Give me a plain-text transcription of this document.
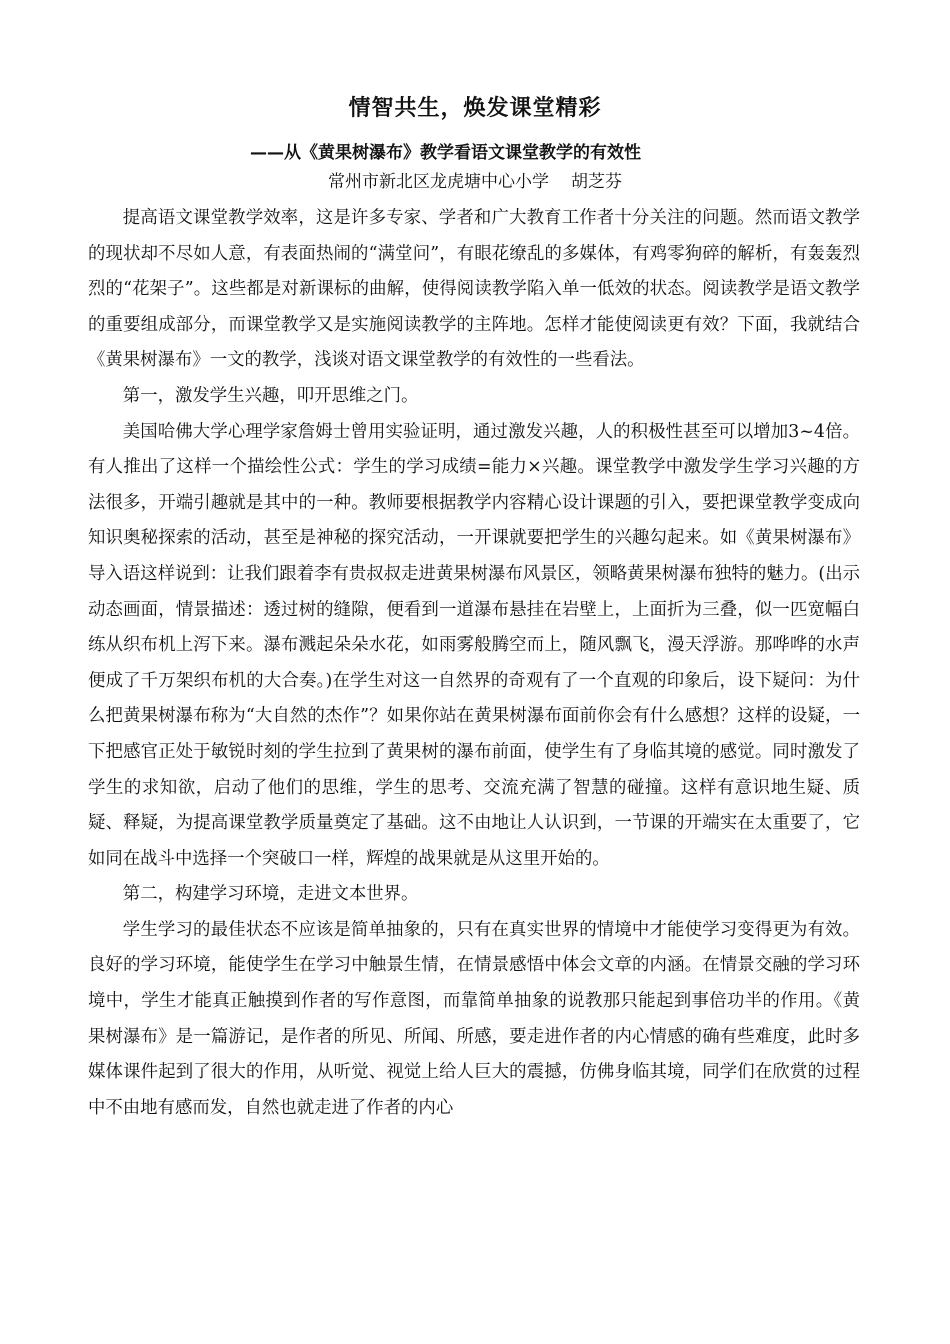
情智共生，焕发课堂精彩
——从《黄果树瀑布》教学看语文课堂教学的有效性
常州市新北区龙虎塘中心小学 胡芝芬

提高语文课堂教学效率，这是许多专家、学者和广大教育工作者十分关注的问题。然而语文教学的现状却不尽如人意，有表面热闹的“满堂问”，有眼花缭乱的多媒体，有鸡零狗碎的解析，有轰轰烈烈的“花架子”。这些都是对新课标的曲解，使得阅读教学陷入单一低效的状态。阅读教学是语文教学的重要组成部分，而课堂教学又是实施阅读教学的主阵地。怎样才能使阅读更有效？下面，我就结合《黄果树瀑布》一文的教学，浅谈对语文课堂教学的有效性的一些看法。

第一，激发学生兴趣，叩开思维之门。

美国哈佛大学心理学家詹姆士曾用实验证明，通过激发兴趣，人的积极性甚至可以增加3~4倍。有人推出了这样一个描绘性公式：学生的学习成绩=能力×兴趣。课堂教学中激发学生学习兴趣的方法很多，开端引趣就是其中的一种。教师要根据教学内容精心设计课题的引入，要把课堂教学变成向知识奥秘探索的活动，甚至是神秘的探究活动，一开课就要把学生的兴趣勾起来。如《黄果树瀑布》导入语这样说到：让我们跟着李有贵叔叔走进黄果树瀑布风景区，领略黄果树瀑布独特的魅力。(出示动态画面，情景描述：透过树的缝隙，便看到一道瀑布悬挂在岩壁上，上面折为三叠，似一匹宽幅白练从织布机上泻下来。瀑布溅起朵朵水花，如雨雾般腾空而上，随风飘飞，漫天浮游。那哗哗的水声便成了千万架织布机的大合奏。)在学生对这一自然界的奇观有了一个直观的印象后，设下疑问：为什么把黄果树瀑布称为“大自然的杰作”？如果你站在黄果树瀑布面前你会有什么感想？这样的设疑，一下把感官正处于敏锐时刻的学生拉到了黄果树的瀑布前面，使学生有了身临其境的感觉。同时激发了学生的求知欲，启动了他们的思维，学生的思考、交流充满了智慧的碰撞。这样有意识地生疑、质疑、释疑，为提高课堂教学质量奠定了基础。这不由地让人认识到，一节课的开端实在太重要了，它如同在战斗中选择一个突破口一样，辉煌的战果就是从这里开始的。

第二，构建学习环境，走进文本世界。

学生学习的最佳状态不应该是简单抽象的，只有在真实世界的情境中才能使学习变得更为有效。良好的学习环境，能使学生在学习中触景生情，在情景感悟中体会文章的内涵。在情景交融的学习环境中，学生才能真正触摸到作者的写作意图，而靠简单抽象的说教那只能起到事倍功半的作用。《黄果树瀑布》是一篇游记，是作者的所见、所闻、所感，要走进作者的内心情感的确有些难度，此时多媒体课件起到了很大的作用，从听觉、视觉上给人巨大的震撼，仿佛身临其境，同学们在欣赏的过程中不由地有感而发，自然也就走进了作者的内心
